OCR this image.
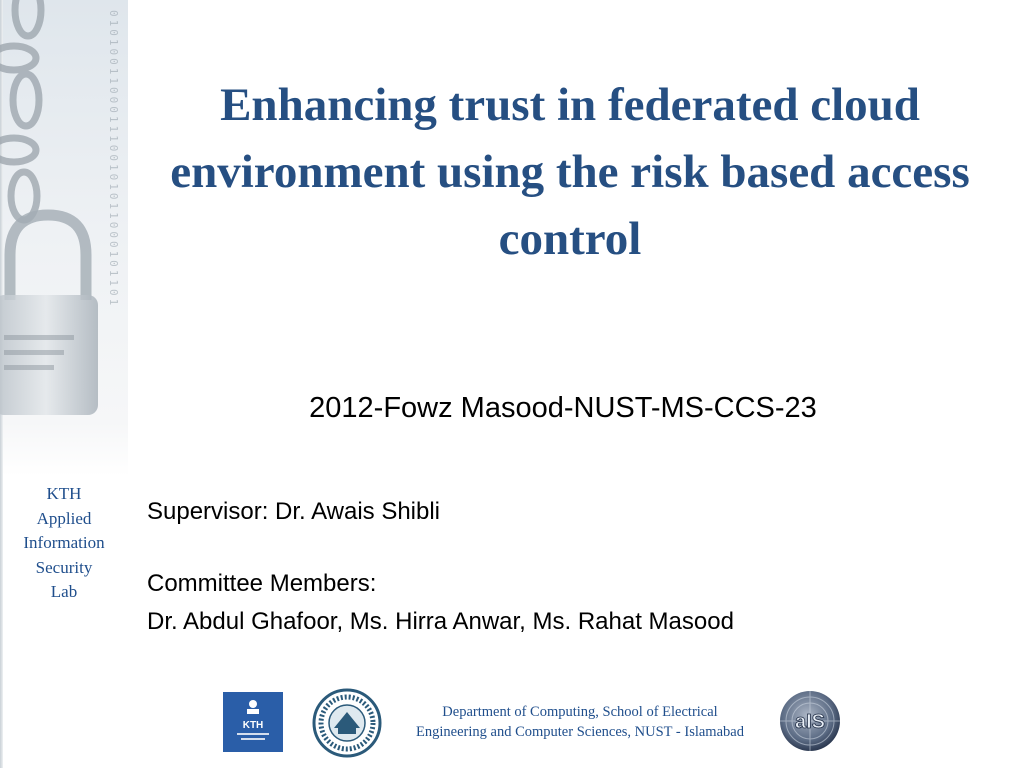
0101001100011100101011000101101
KTH
Applied
Information
Security
Lab
Enhancing trust in federated cloud environment using the risk based access control
2012-Fowz Masood-NUST-MS-CCS-23
Supervisor: Dr. Awais Shibli
Committee Members:
Dr. Abdul Ghafoor, Ms. Hirra Anwar, Ms. Rahat Masood
KTH
Department of Computing, School of Electrical Engineering and Computer Sciences, NUST - Islamabad	aIS
